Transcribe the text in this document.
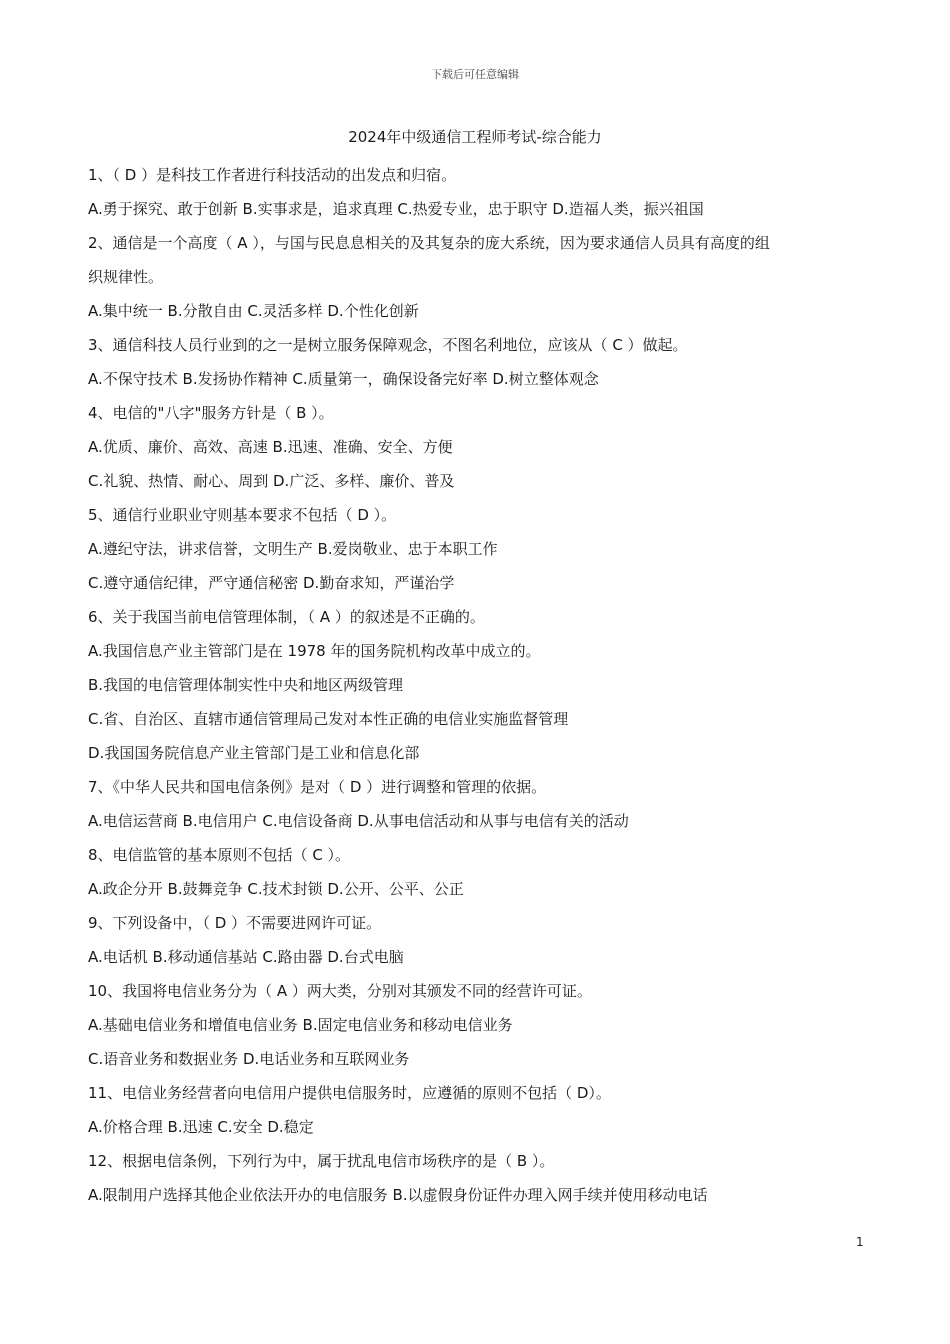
下载后可任意编辑
2024年中级通信工程师考试-综合能力
1、（ D ）是科技工作者进行科技活动的出发点和归宿。
A.勇于探究、敢于创新 B.实事求是，追求真理 C.热爱专业，忠于职守 D.造福人类，振兴祖国
2、通信是一个高度（ A ），与国与民息息相关的及其复杂的庞大系统，因为要求通信人员具有高度的组
织规律性。
A.集中统一 B.分散自由 C.灵活多样 D.个性化创新
3、通信科技人员行业到的之一是树立服务保障观念，不图名利地位，应该从（ C ）做起。
A.不保守技术 B.发扬协作精神 C.质量第一，确保设备完好率 D.树立整体观念
4、电信的"八字"服务方针是（ B ）。
A.优质、廉价、高效、高速 B.迅速、准确、安全、方便
C.礼貌、热情、耐心、周到 D.广泛、多样、廉价、普及
5、通信行业职业守则基本要求不包括（ D ）。
A.遵纪守法，讲求信誉，文明生产 B.爱岗敬业、忠于本职工作
C.遵守通信纪律，严守通信秘密 D.勤奋求知，严谨治学
6、关于我国当前电信管理体制，（ A ）的叙述是不正确的。
A.我国信息产业主管部门是在 1978 年的国务院机构改革中成立的。
B.我国的电信管理体制实性中央和地区两级管理
C.省、自治区、直辖市通信管理局己发对本性正确的电信业实施监督管理
D.我国国务院信息产业主管部门是工业和信息化部
7、《中华人民共和国电信条例》是对（ D ）进行调整和管理的依据。
A.电信运营商 B.电信用户 C.电信设备商 D.从事电信活动和从事与电信有关的活动
8、电信监管的基本原则不包括（ C ）。
A.政企分开 B.鼓舞竞争 C.技术封锁 D.公开、公平、公正
9、下列设备中，（ D ）不需要进网许可证。
A.电话机 B.移动通信基站 C.路由器 D.台式电脑
10、我国将电信业务分为（ A ）两大类，分别对其颁发不同的经营许可证。
A.基础电信业务和增值电信业务 B.固定电信业务和移动电信业务
C.语音业务和数据业务 D.电话业务和互联网业务
11、电信业务经营者向电信用户提供电信服务时，应遵循的原则不包括（ D）。
A.价格合理 B.迅速 C.安全 D.稳定
12、根据电信条例，下列行为中，属于扰乱电信市场秩序的是（ B ）。
A.限制用户选择其他企业依法开办的电信服务 B.以虚假身份证件办理入网手续并使用移动电话
1
